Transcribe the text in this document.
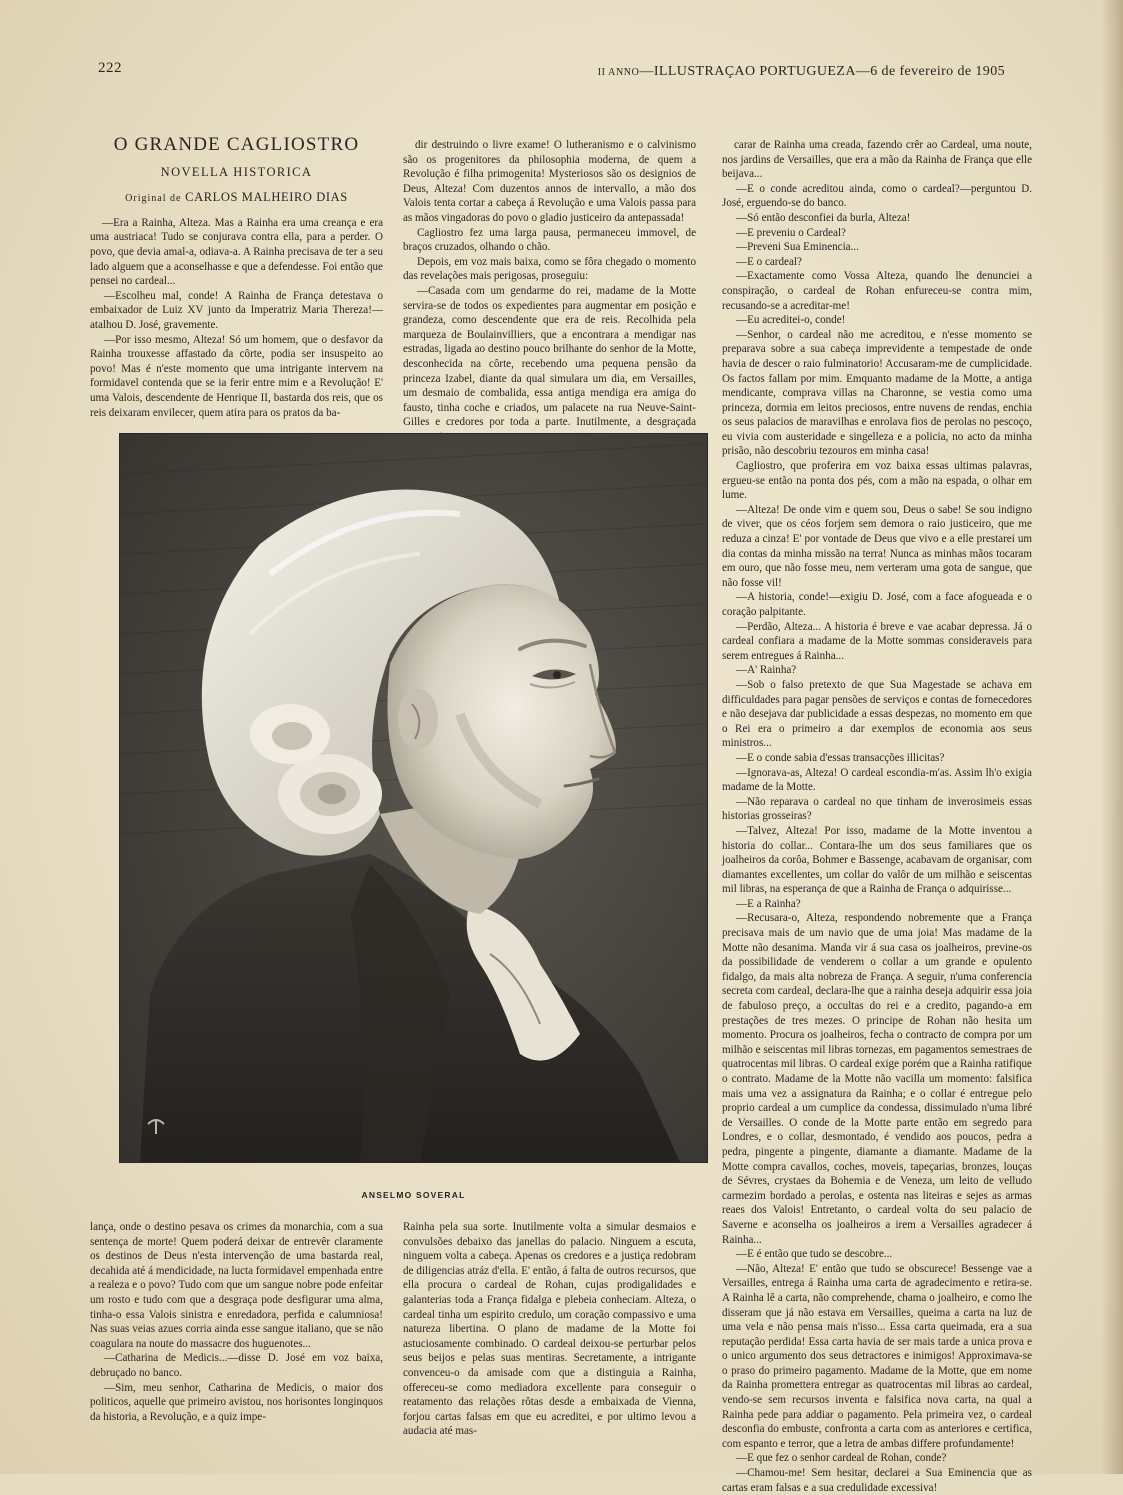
222	II ANNO—ILLUSTRAÇAO PORTUGUEZA—6 de fevereiro de 1905
O GRANDE CAGLIOSTRO
NOVELLA HISTORICA
Original de CARLOS MALHEIRO DIAS

—Era a Rainha, Alteza. Mas a Rainha era uma creança e era uma austriaca! Tudo se conjurava contra ella, para a perder. O povo, que devia amal-a, odiava-a. A Rainha precisava de ter a seu lado alguem que a aconselhasse e que a defendesse. Foi então que pensei no cardeal...

—Escolheu mal, conde! A Rainha de França detestava o embaixador de Luiz XV junto da Imperatriz Maria Thereza!—atalhou D. José, gravemente.

—Por isso mesmo, Alteza! Só um homem, que o desfavor da Rainha trouxesse affastado da côrte, podia ser insuspeito ao povo! Mas é n'este momento que uma intrigante intervem na formidavel contenda que se ia ferir entre mim e a Revolução! E' uma Valois, descendente de Henrique II, bastarda dos reis, que os reis deixaram envilecer, quem atira para os pratos da ba-

dir destruindo o livre exame! O lutheranismo e o calvinismo são os progenitores da philosophia moderna, de quem a Revolução é filha primogenita! Mysteriosos são os designios de Deus, Alteza! Com duzentos annos de intervallo, a mão dos Valois tenta cortar a cabeça á Revolução e uma Valois passa para as mãos vingadoras do povo o gladio justiceiro da antepassada!

Cagliostro fez uma larga pausa, permaneceu immovel, de braços cruzados, olhando o chão.

Depois, em voz mais baixa, como se fôra chegado o momento das revelações mais perigosas, proseguiu:

—Casada com um gendarme do rei, madame de la Motte servira-se de todos os expedientes para augmentar em posição e grandeza, como descendente que era de reis. Recolhida pela marqueza de Boulainvilliers, que a encontrara a mendigar nas estradas, ligada ao destino pouco brilhante do senhor de la Motte, desconhecida na côrte, recebendo uma pequena pensão da princeza Izabel, diante da qual simulara um dia, em Versailles, um desmaio de combalida, essa antiga mendiga era amiga do fausto, tinha coche e criados, um palacete na rua Neuve-Saint-Gilles e credores por toda a parte. Inutilmente, a desgraçada

carar de Rainha uma creada, fazendo crêr ao Cardeal, uma noute, nos jardins de Versailles, que era a mão da Rainha de França que elle beijava...

—E o conde acreditou ainda, como o cardeal?—perguntou D. José, erguendo-se do banco.

—Só então desconfiei da burla, Alteza!

—E preveniu o Cardeal?

—Preveni Sua Eminencia...

—E o cardeal?

—Exactamente como Vossa Alteza, quando lhe denunciei a conspiração, o cardeal de Rohan enfureceu-se contra mim, recusando-se a acreditar-me!

—Eu acreditei-o, conde!

—Senhor, o cardeal não me acreditou, e n'esse momento se preparava sobre a sua cabeça imprevidente a tempestade de onde havia de descer o raio fulminatorio! Accusaram-me de cumplicidade. Os factos fallam por mim. Emquanto madame de la Motte, a antiga mendicante, comprava villas na Charonne, se vestia como uma princeza, dormia em leitos preciosos, entre nuvens de rendas, enchia os seus palacios de maravilhas e enrolava fios de perolas no pescoço, eu vivia com austeridade e singelleza e a policia, no acto da minha prisão, não descobriu tezouros em minha casa!

Cagliostro, que proferira em voz baixa essas ultimas palavras, ergueu-se então na ponta dos pés, com a mão na espada, o olhar em lume.

—Alteza! De onde vim e quem sou, Deus o sabe! Se sou indigno de viver, que os céos forjem sem demora o raio justiceiro, que me reduza a cinza! E' por vontade de Deus que vivo e a elle prestarei um dia contas da minha missão na terra! Nunca as minhas mãos tocaram em ouro, que não fosse meu, nem verteram uma gota de sangue, que não fosse vil!

—A historia, conde!—exigiu D. José, com a face afogueada e o coração palpitante.

—Perdão, Alteza... A historia é breve e vae acabar depressa. Já o cardeal confiara a madame de la Motte sommas consideraveis para serem entregues á Rainha...

—A' Rainha?

—Sob o falso pretexto de que Sua Magestade se achava em difficuldades para pagar pensões de serviços e contas de fornecedores e não desejava dar publicidade a essas despezas, no momento em que o Rei era o primeiro a dar exemplos de economia aos seus ministros...

—E o conde sabia d'essas transacções illicitas?

—Ignorava-as, Alteza! O cardeal escondia-m'as. Assim lh'o exigia madame de la Motte.

—Não reparava o cardeal no que tinham de inverosimeis essas historias grosseiras?

—Talvez, Alteza! Por isso, madame de la Motte inventou a historia do collar... Contara-lhe um dos seus familiares que os joalheiros da corôa, Bohmer e Bassenge, acabavam de organisar, com diamantes excellentes, um collar do valôr de um milhão e seiscentas mil libras, na esperança de que a Rainha de França o adquirisse...

—E a Rainha?

—Recusara-o, Alteza, respondendo nobremente que a França precisava mais de um navio que de uma joia! Mas madame de la Motte não desanima. Manda vir á sua casa os joalheiros, previne-os da possibilidade de venderem o collar a um grande e opulento fidalgo, da mais alta nobreza de França. A seguir, n'uma conferencia secreta com cardeal, declara-lhe que a rainha deseja adquirir essa joia de fabuloso preço, a occultas do rei e a credito, pagando-a em prestações de tres mezes. O principe de Rohan não hesita um momento. Procura os joalheiros, fecha o contracto de compra por um milhão e seiscentas mil libras tornezas, em pagamentos semestraes de quatrocentas mil libras. O cardeal exige porém que a Rainha ratifique o contrato. Madame de la Motte não vacilla um momento: falsifica mais uma vez a assignatura da Rainha; e o collar é entregue pelo proprio cardeal a um cumplice da condessa, dissimulado n'uma libré de Versailles. O conde de la Motte parte então em segredo para Londres, e o collar, desmontado, é vendido aos poucos, pedra a pedra, pingente a pingente, diamante a diamante. Madame de la Motte compra cavallos, coches, moveis, tapeçarias, bronzes, louças de Sévres, crystaes da Bohemia e de Veneza, um leito de velludo carmezim bordado a perolas, e ostenta nas liteiras e sejes as armas reaes dos Valois! Entretanto, o cardeal volta do seu palacio de Saverne e aconselha os joalheiros a irem a Versailles agradecer á Rainha...

—E é então que tudo se descobre...

—Não, Alteza! E' então que tudo se obscurece! Bessenge vae a Versailles, entrega á Rainha uma carta de agradecimento e retira-se. A Rainha lê a carta, não comprehende, chama o joalheiro, e como lhe disseram que já não estava em Versailles, queima a carta na luz de uma vela e não pensa mais n'isso... Essa carta queimada, era a sua reputação perdida! Essa carta havia de ser mais tarde a unica prova e o unico argumento dos seus detractores e inimigos! Approximava-se o praso do primeiro pagamento. Madame de la Motte, que em nome da Rainha promettera entregar as quatrocentas mil libras ao cardeal, vendo-se sem recursos inventa e falsifica nova carta, na qual a Rainha pede para addiar o pagamento. Pela primeira vez, o cardeal desconfia do embuste, confronta a carta com as anteriores e certifica, com espanto e terror, que a letra de ambas differe profundamente!

—E que fez o senhor cardeal de Rohan, conde?

—Chamou-me! Sem hesitar, declarei a Sua Eminencia que as cartas eram falsas e a sua credulidade excessiva!

ANSELMO SOVERAL

lança, onde o destino pesava os crimes da monarchia, com a sua sentença de morte! Quem poderá deixar de entrevêr claramente os destinos de Deus n'esta intervenção de uma bastarda real, decahida até á mendicidade, na lucta formidavel empenhada entre a realeza e o povo? Tudo com que um sangue nobre pode enfeitar um rosto e tudo com que a desgraça pode desfigurar uma alma, tinha-o essa Valois sinistra e enredadora, perfida e calumniosa! Nas suas veias azues corria ainda esse sangue italiano, que se não coagulara na noute do massacre dos huguenotes...

—Catharina de Medicis...—disse D. José em voz baixa, debruçado no banco.

—Sim, meu senhor, Catharina de Medicis, o maior dos politicos, aquelle que primeiro avistou, nos horisontes longinquos da historia, a Revolução, e a quiz impe-

Rainha pela sua sorte. Inutilmente volta a simular desmaios e convulsões debaixo das janellas do palacio. Ninguem a escuta, ninguem volta a cabeça. Apenas os credores e a justiça redobram de diligencias atráz d'ella. E' então, á falta de outros recursos, que ella procura o cardeal de Rohan, cujas prodigalidades e galanterias toda a França fidalga e plebeia conheciam. Alteza, o cardeal tinha um espirito credulo, um coração compassivo e uma natureza libertina. O plano de madame de la Motte foi astuciosamente combinado. O cardeal deixou-se perturbar pelos seus beijos e pelas suas mentiras. Secretamente, a intrigante convenceu-o da amisade com que a distinguia a Rainha, offereceu-se como mediadora excellente para conseguir o reatamento das relações rôtas desde a embaixada de Vienna, forjou cartas falsas em que eu acreditei, e por ultimo levou a audacia até mas-
